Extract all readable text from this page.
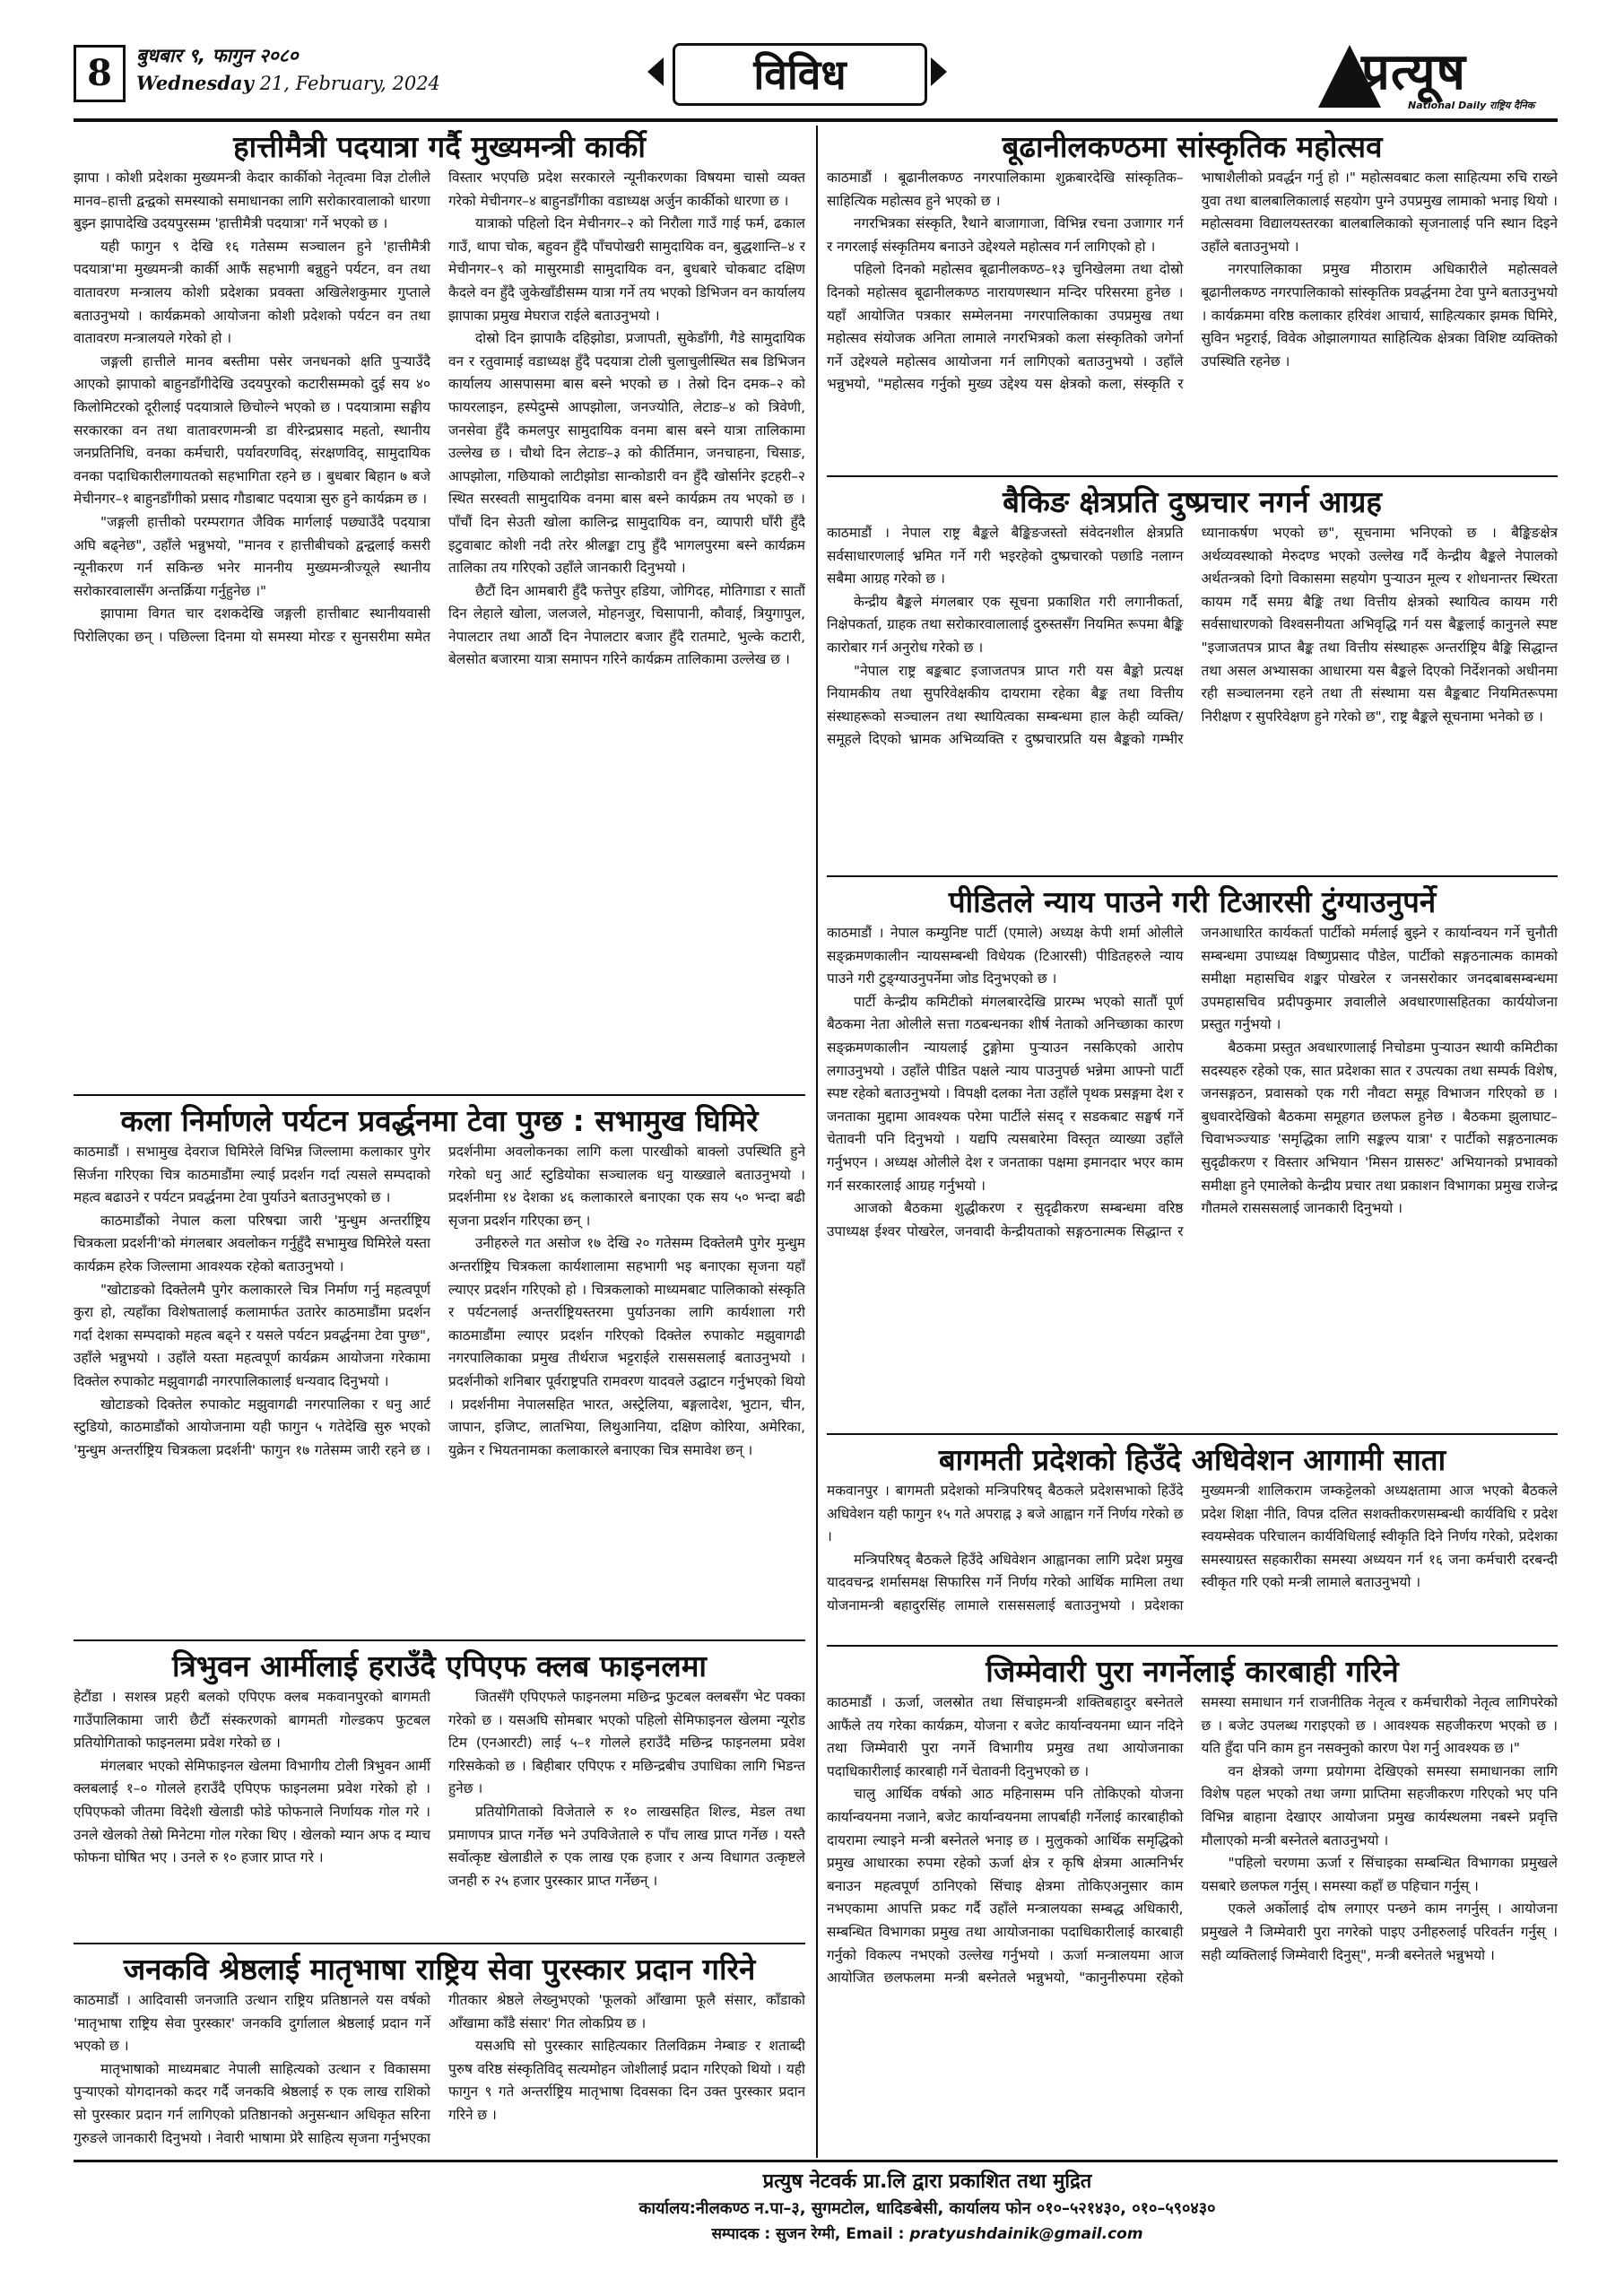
8	बुधबार ९, फागुन २०८०
Wednesday 21, February, 2024	विविध	प्रत्यूष
National Daily राष्ट्रिय दैनिक
हात्तीमैत्री पदयात्रा गर्दै मुख्यमन्त्री कार्की

झापा । कोशी प्रदेशका मुख्यमन्त्री केदार कार्कीको नेतृत्वमा विज्ञ टोलीले मानव–हात्ती द्वन्द्वको समस्याको समाधानका लागि सरोकारवालाको धारणा बुझ्न झापादेखि उदयपुरसम्म 'हात्तीमैत्री पदयात्रा' गर्ने भएको छ ।

यही फागुन ९ देखि १६ गतेसम्म सञ्चालन हुने 'हात्तीमैत्री पदयात्रा'मा मुख्यमन्त्री कार्की आफैं सहभागी बन्नुहुने पर्यटन, वन तथा वातावरण मन्त्रालय कोशी प्रदेशका प्रवक्ता अखिलेशकुमार गुप्ताले बताउनुभयो । कार्यक्रमको आयोजना कोशी प्रदेशको पर्यटन वन तथा वातावरण मन्त्रालयले गरेको हो ।

जङ्गली हात्तीले मानव बस्तीमा पसेर जनधनको क्षति पुऱ्याउँदै आएको झापाको बाहुनडाँगीदेखि उदयपुरको कटारीसम्मको दुई सय ४० किलोमिटरको दूरीलाई पदयात्राले छिचोल्ने भएको छ । पदयात्रामा सङ्घीय सरकारका वन तथा वातावरणमन्त्री डा वीरेन्द्रप्रसाद महतो, स्थानीय जनप्रतिनिधि, वनका कर्मचारी, पर्यावरणविद्, संरक्षणविद्, सामुदायिक वनका पदाधिकारीलगायतको सहभागिता रहने छ । बुधबार बिहान ७ बजे मेचीनगर–१ बाहुनडाँगीको प्रसाद गौडाबाट पदयात्रा सुरु हुने कार्यक्रम छ ।

"जङ्गली हात्तीको परम्परागत जैविक मार्गलाई पछ्याउँदै पदयात्रा अघि बढ्नेछ", उहाँले भन्नुभयो, "मानव र हात्तीबीचको द्वन्द्वलाई कसरी न्यूनीकरण गर्न सकिन्छ भनेर माननीय मुख्यमन्त्रीज्यूले स्थानीय सरोकारवालासँग अन्तर्क्रिया गर्नुहुनेछ ।"

झापामा विगत चार दशकदेखि जङ्गली हात्तीबाट स्थानीयवासी पिरोलिएका छन् । पछिल्ला दिनमा यो समस्या मोरङ र सुनसरीमा समेत विस्तार भएपछि प्रदेश सरकारले न्यूनीकरणका विषयमा चासो व्यक्त गरेको मेचीनगर–४ बाहुनडाँगीका वडाध्यक्ष अर्जुन कार्कीको धारणा छ ।

यात्राको पहिलो दिन मेचीनगर–२ को निरौला गाउँ गाई फर्म, ढकाल गाउँ, थापा चोक, बहुवन हुँदै पाँचपोखरी सामुदायिक वन, बुद्धशान्ति–४ र मेचीनगर–९ को मासुरमाडी सामुदायिक वन, बुधबारे चोकबाट दक्षिण कैदले वन हुँदै जुकेखाँडीसम्म यात्रा गर्ने तय भएको डिभिजन वन कार्यालय झापाका प्रमुख मेघराज राईले बताउनुभयो ।

दोस्रो दिन झापाकै दहिझोडा, प्रजापती, सुकेडाँगी, गैडे सामुदायिक वन र रतुवामाई वडाध्यक्ष हुँदै पदयात्रा टोली चुलाचुलीस्थित सब डिभिजन कार्यालय आसपासमा बास बस्ने भएको छ । तेस्रो दिन दमक–२ को फायरलाइन, हस्पेदुम्से आपझोला, जनज्योति, लेटाङ–४ को त्रिवेणी, जनसेवा हुँदै कमलपुर सामुदायिक वनमा बास बस्ने यात्रा तालिकामा उल्लेख छ । चौथो दिन लेटाङ–३ को कीर्तिमान, जनचाहना, चिसाङ, आपझोला, गछियाको लाटीझोडा सान्कोडारी वन हुँदै खोर्सानेर इटहरी–२ स्थित सरस्वती सामुदायिक वनमा बास बस्ने कार्यक्रम तय भएको छ । पाँचौं दिन सेउती खोला कालिन्द्र सामुदायिक वन, व्यापारी घाँरी हुँदै इटुवाबाट कोशी नदी तरेर श्रीलङ्का टापु हुँदै भागलपुरमा बस्ने कार्यक्रम तालिका तय गरिएको उहाँले जानकारी दिनुभयो ।

छैटौं दिन आमबारी हुँदै फत्तेपुर हडिया, जोगिदह, मोतिगाडा र सातौं दिन लेहाले खोला, जलजले, मोहनजुर, चिसापानी, कौवाई, त्रियुगापुल, नेपालटार तथा आठौं दिन नेपालटार बजार हुँदै रातमाटे, भुल्के कटारी, बेलसोत बजारमा यात्रा समापन गरिने कार्यक्रम तालिकामा उल्लेख छ ।

कला निर्माणले पर्यटन प्रवर्द्धनमा टेवा पुग्छ : सभामुख घिमिरे

काठमाडौं । सभामुख देवराज घिमिरेले विभिन्न जिल्लामा कलाकार पुगेर सिर्जना गरिएका चित्र काठमाडौंमा ल्याई प्रदर्शन गर्दा त्यसले सम्पदाको महत्व बढाउने र पर्यटन प्रवर्द्धनमा टेवा पुर्याउने बताउनुभएको छ ।

काठमाडौंको नेपाल कला परिषद्मा जारी 'मुन्धुम अन्तर्राष्ट्रिय चित्रकला प्रदर्शनी'को मंगलबार अवलोकन गर्नुहुँदै सभामुख घिमिरेले यस्ता कार्यक्रम हरेक जिल्लामा आवश्यक रहेको बताउनुभयो ।

"खोटाङको दिक्तेलमै पुगेर कलाकारले चित्र निर्माण गर्नु महत्वपूर्ण कुरा हो, त्यहाँका विशेषतालाई कलामार्फत उतारेर काठमाडौंमा प्रदर्शन गर्दा देशका सम्पदाको महत्व बढ्ने र यसले पर्यटन प्रवर्द्धनमा टेवा पुग्छ", उहाँले भन्नुभयो । उहाँले यस्ता महत्वपूर्ण कार्यक्रम आयोजना गरेकामा दिक्तेल रुपाकोट मझुवागढी नगरपालिकालाई धन्यवाद दिनुभयो ।

खोटाङको दिक्तेल रुपाकोट मझुवागढी नगरपालिका र धनु आर्ट स्टुडियो, काठमाडौंको आयोजनामा यही फागुन ५ गतेदेखि सुरु भएको 'मुन्धुम अन्तर्राष्ट्रिय चित्रकला प्रदर्शनी' फागुन १७ गतेसम्म जारी रहने छ । प्रदर्शनीमा अवलोकनका लागि कला पारखीको बाक्लो उपस्थिति हुने गरेको धनु आर्ट स्टुडियोका सञ्चालक धनु याख्खाले बताउनुभयो । प्रदर्शनीमा १४ देशका ४६ कलाकारले बनाएका एक सय ५० भन्दा बढी सृजना प्रदर्शन गरिएका छन् ।

उनीहरुले गत असोज १७ देखि २० गतेसम्म दिक्तेलमै पुगेर मुन्धुम अन्तर्राष्ट्रिय चित्रकला कार्यशालामा सहभागी भइ बनाएका सृजना यहाँ ल्याएर प्रदर्शन गरिएको हो । चित्रकलाको माध्यमबाट पालिकाको संस्कृति र पर्यटनलाई अन्तर्राष्ट्रियस्तरमा पुर्याउनका लागि कार्यशाला गरी काठमाडौंमा ल्याएर प्रदर्शन गरिएको दिक्तेल रुपाकोट मझुवागढी नगरपालिकाका प्रमुख तीर्थराज भट्टराईले रासससलाई बताउनुभयो । प्रदर्शनीको शनिबार पूर्वराष्ट्रपति रामवरण यादवले उद्घाटन गर्नुभएको थियो । प्रदर्शनीमा नेपालसहित भारत, अस्ट्रेलिया, बङ्गलादेश, भुटान, चीन, जापान, इजिप्ट, लातभिया, लिथुआनिया, दक्षिण कोरिया, अमेरिका, युक्रेन र भियतनामका कलाकारले बनाएका चित्र समावेश छन् ।

त्रिभुवन आर्मीलाई हराउँदै एपिएफ क्लब फाइनलमा

हेटौंडा । सशस्त्र प्रहरी बलको एपिएफ क्लब मकवानपुरको बागमती गाउँपालिकामा जारी छैटौं संस्करणको बागमती गोल्डकप फुटबल प्रतियोगिताको फाइनलमा प्रवेश गरेको छ ।

मंगलबार भएको सेमिफाइनल खेलमा विभागीय टोली त्रिभुवन आर्मी क्लबलाई १–० गोलले हराउँदै एपिएफ फाइनलमा प्रवेश गरेको हो । एपिएफको जीतमा विदेशी खेलाडी फोडे फोफनाले निर्णायक गोल गरे । उनले खेलको तेस्रो मिनेटमा गोल गरेका थिए । खेलको म्यान अफ द म्याच फोफना घोषित भए । उनले रु १० हजार प्राप्त गरे ।

जितसँगै एपिएफले फाइनलमा मछिन्द्र फुटबल क्लबसँग भेट पक्का गरेको छ । यसअघि सोमबार भएको पहिलो सेमिफाइनल खेलमा न्यूरोड टिम (एनआरटी) लाई ५–१ गोलले हराउँदै मछिन्द्र फाइनलमा प्रवेश गरिसकेको छ । बिहीबार एपिएफ र मछिन्द्रबीच उपाधिका लागि भिडन्त हुनेछ ।

प्रतियोगिताको विजेताले रु १० लाखसहित शिल्ड, मेडल तथा प्रमाणपत्र प्राप्त गर्नेछ भने उपविजेताले रु पाँच लाख प्राप्त गर्नेछ । यस्तै सर्वोत्कृष्ट खेलाडीले रु एक लाख एक हजार र अन्य विधागत उत्कृष्टले जनही रु २५ हजार पुरस्कार प्राप्त गर्नेछन् ।

जनकवि श्रेष्ठलाई मातृभाषा राष्ट्रिय सेवा पुरस्कार प्रदान गरिने

काठमाडौं । आदिवासी जनजाति उत्थान राष्ट्रिय प्रतिष्ठानले यस वर्षको 'मातृभाषा राष्ट्रिय सेवा पुरस्कार' जनकवि दुर्गालाल श्रेष्ठलाई प्रदान गर्ने भएको छ ।

मातृभाषाको माध्यमबाट नेपाली साहित्यको उत्थान र विकासमा पुऱ्याएको योगदानको कदर गर्दै जनकवि श्रेष्ठलाई रु एक लाख राशिको सो पुरस्कार प्रदान गर्न लागिएको प्रतिष्ठानको अनुसन्धान अधिकृत सरिना गुरुङले जानकारी दिनुभयो । नेवारी भाषामा प्रेरै साहित्य सृजना गर्नुभएका गीतकार श्रेष्ठले लेख्नुभएको 'फूलको आँखामा फूलै संसार, काँडाको आँखामा काँडै संसार' गित लोकप्रिय छ ।

यसअघि सो पुरस्कार साहित्यकार तिलविक्रम नेम्बाङ र शताब्दी पुरुष वरिष्ठ संस्कृतिविद् सत्यमोहन जोशीलाई प्रदान गरिएको थियो । यही फागुन ९ गते अन्तर्राष्ट्रिय मातृभाषा दिवसका दिन उक्त पुरस्कार प्रदान गरिने छ ।

बूढानीलकण्ठमा सांस्कृतिक महोत्सव

काठमाडौं । बूढानीलकण्ठ नगरपालिकामा शुक्रबारदेखि सांस्कृतिक–साहित्यिक महोत्सव हुने भएको छ ।

नगरभित्रका संस्कृति, रैथाने बाजागाजा, विभिन्न रचना उजागार गर्न र नगरलाई संस्कृतिमय बनाउने उद्देश्यले महोत्सव गर्न लागिएको हो ।

पहिलो दिनको महोत्सव बूढानीलकण्ठ–१३ चुनिखेलमा तथा दोस्रो दिनको महोत्सव बूढानीलकण्ठ नारायणस्थान मन्दिर परिसरमा हुनेछ । यहाँ आयोजित पत्रकार सम्मेलनमा नगरपालिकाका उपप्रमुख तथा महोत्सव संयोजक अनिता लामाले नगरभित्रको कला संस्कृतिको जगेर्ना गर्ने उद्देश्यले महोत्सव आयोजना गर्न लागिएको बताउनुभयो । उहाँले भन्नुभयो, "महोत्सव गर्नुको मुख्य उद्देश्य यस क्षेत्रको कला, संस्कृति र भाषाशैलीको प्रवर्द्धन गर्नु हो ।" महोत्सवबाट कला साहित्यमा रुचि राख्ने युवा तथा बालबालिकालाई सहयोग पुग्ने उपप्रमुख लामाको भनाइ थियो । महोत्सवमा विद्यालयस्तरका बालबालिकाको सृजनालाई पनि स्थान दिइने उहाँले बताउनुभयो ।

नगरपालिकाका प्रमुख मीठाराम अधिकारीले महोत्सवले बूढानीलकण्ठ नगरपालिकाको सांस्कृतिक प्रवर्द्धनमा टेवा पुग्ने बताउनुभयो । कार्यक्रममा वरिष्ठ कलाकार हरिवंश आचार्य, साहित्यकार झमक घिमिरे, सुविन भट्टराई, विवेक ओझालगायत साहित्यिक क्षेत्रका विशिष्ट व्यक्तिको उपस्थिति रहनेछ ।

बैकिङ क्षेत्रप्रति दुष्प्रचार नगर्न आग्रह

काठमाडौं । नेपाल राष्ट्र बैङ्कले बैङ्किङजस्तो संवेदनशील क्षेत्रप्रति सर्वसाधारणलाई भ्रमित गर्ने गरी भइरहेको दुष्प्रचारको पछाडि नलाग्न सबैमा आग्रह गरेको छ ।

केन्द्रीय बैङ्कले मंगलबार एक सूचना प्रकाशित गरी लगानीकर्ता, निक्षेपकर्ता, ग्राहक तथा सरोकारवालालाई दुरुस्तसँग नियमित रूपमा बैङ्कि कारोबार गर्न अनुरोध गरेको छ ।

"नेपाल राष्ट्र बङ्कबाट इजाजतपत्र प्राप्त गरी यस बैङ्को प्रत्यक्ष नियामकीय तथा सुपरिवेक्षकीय दायरामा रहेका बैङ्क तथा वित्तीय संस्थाहरूको सञ्चालन तथा स्थायित्वका सम्बन्धमा हाल केही व्यक्ति/समूहले दिएको भ्रामक अभिव्यक्ति र दुष्प्रचारप्रति यस बैङ्कको गम्भीर ध्यानाकर्षण भएको छ", सूचनामा भनिएको छ । बैङ्किङक्षेत्र अर्थव्यवस्थाको मेरुदण्ड भएको उल्लेख गर्दै केन्द्रीय बैङ्कले नेपालको अर्थतन्त्रको दिगो विकासमा सहयोग पुऱ्याउन मूल्य र शोधनान्तर स्थिरता कायम गर्दै समग्र बैङ्कि तथा वित्तीय क्षेत्रको स्थायित्व कायम गरी सर्वसाधारणको विश्वसनीयता अभिवृद्धि गर्न यस बैङ्कलाई कानुनले स्पष्ट "इजाजतपत्र प्राप्त बैङ्क तथा वित्तीय संस्थाहरू अन्तर्राष्ट्रिय बैङ्कि सिद्धान्त तथा असल अभ्यासका आधारमा यस बैङ्कले दिएको निर्देशनको अधीनमा रही सञ्चालनमा रहने तथा ती संस्थामा यस बैङ्कबाट नियमितरूपमा निरीक्षण र सुपरिवेक्षण हुने गरेको छ", राष्ट्र बैङ्कले सूचनामा भनेको छ ।

पीडितले न्याय पाउने गरी टिआरसी टुंग्याउनुपर्ने

काठमाडौं । नेपाल कम्युनिष्ट पार्टी (एमाले) अध्यक्ष केपी शर्मा ओलीले सङ्क्रमणकालीन न्यायसम्बन्धी विधेयक (टिआरसी) पीडितहरुले न्याय पाउने गरी टुङ्ग्याउनुपर्नेमा जोड दिनुभएको छ ।

पार्टी केन्द्रीय कमिटीको मंगलबारदेखि प्रारम्भ भएको सातौं पूर्ण बैठकमा नेता ओलीले सत्ता गठबन्धनका शीर्ष नेताको अनिच्छाका कारण सङ्क्रमणकालीन न्यायलाई टुङ्गोमा पुऱ्याउन नसकिएको आरोप लगाउनुभयो । उहाँले पीडित पक्षले न्याय पाउनुपर्छ भन्नेमा आफ्नो पार्टी स्पष्ट रहेको बताउनुभयो । विपक्षी दलका नेता उहाँले पृथक प्रसङ्गमा देश र जनताका मुद्दामा आवश्यक परेमा पार्टीले संसद् र सडकबाट सङ्घर्ष गर्ने चेतावनी पनि दिनुभयो । यद्यपि त्यसबारेमा विस्तृत व्याख्या उहाँले गर्नुभएन । अध्यक्ष ओलीले देश र जनताका पक्षमा इमानदार भएर काम गर्न सरकारलाई आग्रह गर्नुभयो ।

आजको बैठकमा शुद्धीकरण र सुदृढीकरण सम्बन्धमा वरिष्ठ उपाध्यक्ष ईश्वर पोखरेल, जनवादी केन्द्रीयताको सङ्गठनात्मक सिद्धान्त र जनआधारित कार्यकर्ता पार्टीको मर्मलाई बुझ्ने र कार्यान्वयन गर्ने चुनौती सम्बन्धमा उपाध्यक्ष विष्णुप्रसाद पौडेल, पार्टीको सङ्गठनात्मक कामको समीक्षा महासचिव शङ्कर पोखरेल र जनसरोकार जनदबाबसम्बन्धमा उपमहासचिव प्रदीपकुमार ज्ञवालीले अवधारणासहितका कार्ययोजना प्रस्तुत गर्नुभयो ।

बैठकमा प्रस्तुत अवधारणालाई निचोडमा पुऱ्याउन स्थायी कमिटीका सदस्यहरु रहेको एक, सात प्रदेशका सात र उपत्यका तथा सम्पर्क विशेष, जनसङ्गठन, प्रवासको एक गरी नौवटा समूह विभाजन गरिएको छ । बुधवारदेखिको बैठकमा समूहगत छलफल हुनेछ । बैठकमा झुलाघाट–चिवाभञ्ज्याङ 'समृद्धिका लागि सङ्कल्प यात्रा' र पार्टीको सङ्गठनात्मक सुदृढीकरण र विस्तार अभियान 'मिसन ग्रासरुट' अभियानको प्रभावको समीक्षा हुने एमालेको केन्द्रीय प्रचार तथा प्रकाशन विभागका प्रमुख राजेन्द्र गौतमले रासससलाई जानकारी दिनुभयो ।

बागमती प्रदेशको हिउँदे अधिवेशन आगामी साता

मकवानपुर । बागमती प्रदेशको मन्त्रिपरिषद् बैठकले प्रदेशसभाको हिउँदे अधिवेशन यही फागुन १५ गते अपराह्न ३ बजे आह्वान गर्ने निर्णय गरेको छ ।

मन्त्रिपरिषद् बैठकले हिउँदे अधिवेशन आह्वानका लागि प्रदेश प्रमुख यादवचन्द्र शर्मासमक्ष सिफारिस गर्ने निर्णय गरेको आर्थिक मामिला तथा योजनामन्त्री बहादुरसिंह लामाले रासससलाई बताउनुभयो । प्रदेशका मुख्यमन्त्री शालिकराम जम्कट्टेलको अध्यक्षतामा आज भएको बैठकले प्रदेश शिक्षा नीति, विपन्न दलित सशक्तीकरणसम्बन्धी कार्यविधि र प्रदेश स्वयम्सेवक परिचालन कार्यविधिलाई स्वीकृति दिने निर्णय गरेको, प्रदेशका समस्याग्रस्त सहकारीका समस्या अध्ययन गर्न १६ जना कर्मचारी दरबन्दी स्वीकृत गरि एको मन्त्री लामाले बताउनुभयो ।

जिम्मेवारी पुरा नगर्नेलाई कारबाही गरिने

काठमाडौं । ऊर्जा, जलस्रोत तथा सिंचाइमन्त्री शक्तिबहादुर बस्नेतले आफैंले तय गरेका कार्यक्रम, योजना र बजेट कार्यान्वयनमा ध्यान नदिने तथा जिम्मेवारी पुरा नगर्ने विभागीय प्रमुख तथा आयोजनाका पदाधिकारीलाई कारबाही गर्ने चेतावनी दिनुभएको छ ।

चालु आर्थिक वर्षको आठ महिनासम्म पनि तोकिएको योजना कार्यान्वयनमा नजाने, बजेट कार्यान्वयनमा लापर्बाही गर्नेलाई कारबाहीको दायरामा ल्याइने मन्त्री बस्नेतले भनाइ छ । मुलुकको आर्थिक समृद्धिको प्रमुख आधारका रुपमा रहेको ऊर्जा क्षेत्र र कृषि क्षेत्रमा आत्मनिर्भर बनाउन महत्वपूर्ण ठानिएको सिंचाइ क्षेत्रमा तोकिएअनुसार काम नभएकामा आपत्ति प्रकट गर्दै उहाँले मन्त्रालयका सम्बद्ध अधिकारी, सम्बन्धित विभागका प्रमुख तथा आयोजनाका पदाधिकारीलाई कारबाही गर्नुको विकल्प नभएको उल्लेख गर्नुभयो । ऊर्जा मन्त्रालयमा आज आयोजित छलफलमा मन्त्री बस्नेतले भन्नुभयो, "कानुनीरुपमा रहेको समस्या समाधान गर्न राजनीतिक नेतृत्व र कर्मचारीको नेतृत्व लागिपरेको छ । बजेट उपलब्ध गराइएको छ । आवश्यक सहजीकरण भएको छ । यति हुँदा पनि काम हुन नसक्नुको कारण पेश गर्नु आवश्यक छ ।"

वन क्षेत्रको जग्गा प्रयोगमा देखिएको समस्या समाधानका लागि विशेष पहल भएको तथा जग्गा प्राप्तिमा सहजीकरण गरिएको भए पनि विभिन्न बाहाना देखाएर आयोजना प्रमुख कार्यस्थलमा नबस्ने प्रवृत्ति मौलाएको मन्त्री बस्नेतले बताउनुभयो ।

"पहिलो चरणमा ऊर्जा र सिंचाइका सम्बन्धित विभागका प्रमुखले यसबारे छलफल गर्नुस् । समस्या कहाँ छ पहिचान गर्नुस् ।

एकले अर्कोलाई दोष लगाएर पन्छने काम नगर्नुस् । आयोजना प्रमुखले नै जिम्मेवारी पुरा नगरेको पाइए उनीहरुलाई परिवर्तन गर्नुस् । सही व्यक्तिलाई जिम्मेवारी दिनुस्", मन्त्री बस्नेतले भन्नुभयो ।

प्रत्युष नेटवर्क प्रा.लि द्वारा प्रकाशित तथा मुद्रित
कार्यालय:नीलकण्ठ न.पा–३, सुगमटोल, धादिङबेसी, कार्यालय फोन ०१०–५२१४३०, ०१०–५९०४३०
सम्पादक : सुजन रेग्मी, Email : pratyushdainik@gmail.com
